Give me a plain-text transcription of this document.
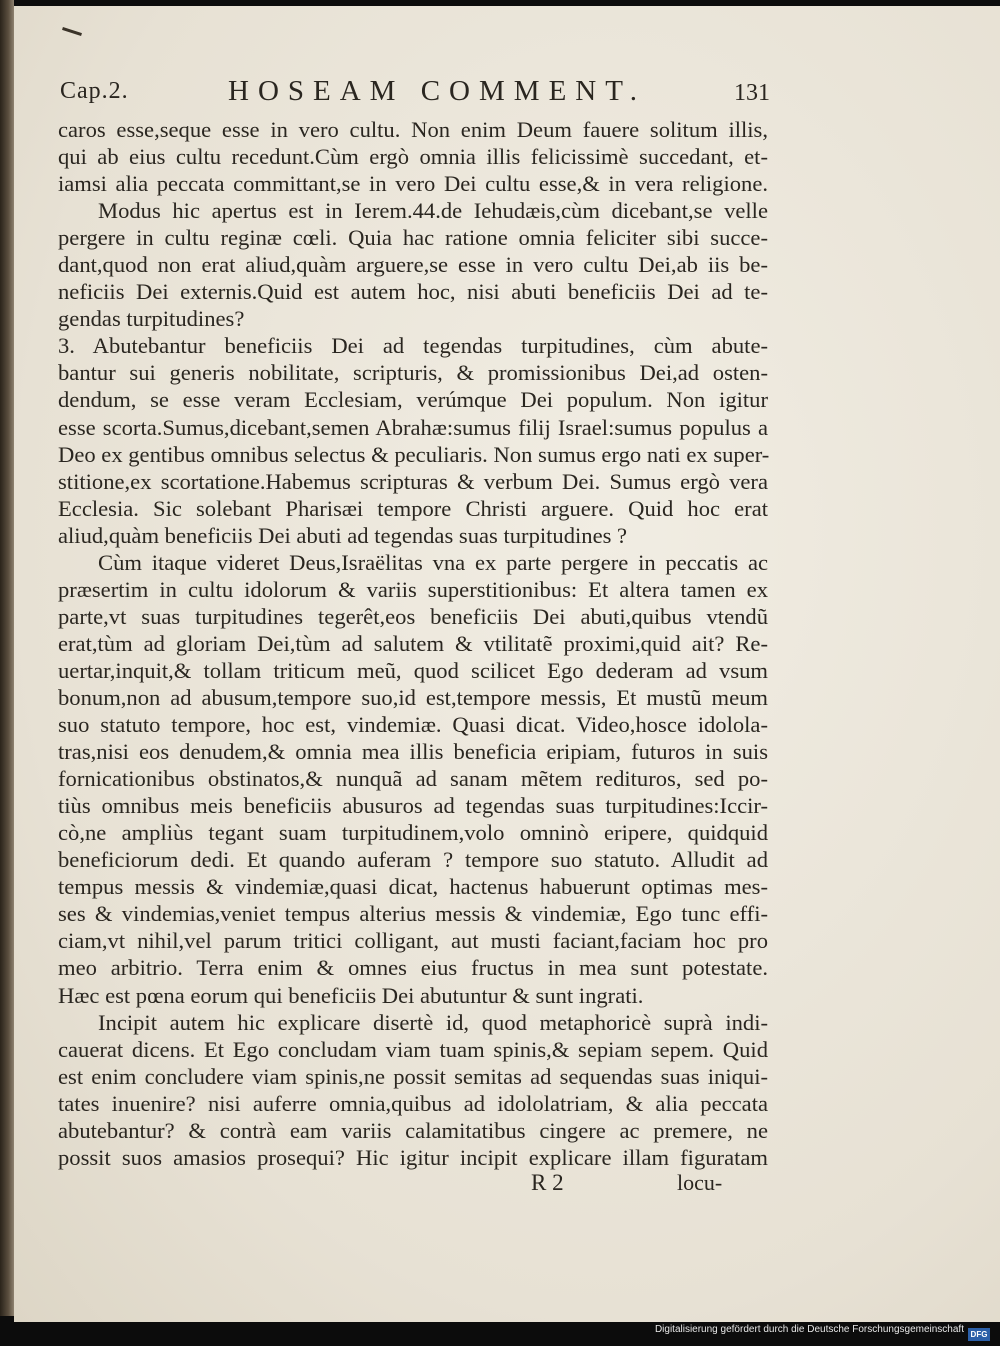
Cap.2.	HOSEAM COMMENT.	131
caros esse,seque esse in vero cultu. Non enim Deum fauere solitum illis,
qui ab eius cultu recedunt.Cùm ergò omnia illis felicissimè succedant, et-
iamsi alia peccata committant,se in vero Dei cultu esse,& in vera religione.
Modus hic apertus est in Ierem.44.de Iehudæis,cùm dicebant,se velle
pergere in cultu reginæ cœli. Quia hac ratione omnia feliciter sibi succe-
dant,quod non erat aliud,quàm arguere,se esse in vero cultu Dei,ab iis be-
neficiis Dei externis.Quid est autem hoc, nisi abuti beneficiis Dei ad te-
gendas turpitudines?
3. Abutebantur beneficiis Dei ad tegendas turpitudines, cùm abute-
bantur sui generis nobilitate, scripturis, & promissionibus Dei,ad osten-
dendum, se esse veram Ecclesiam, verúmque Dei populum. Non igitur
esse scorta.Sumus,dicebant,semen Abrahæ:sumus filij Israel:sumus populus a
Deo ex gentibus omnibus selectus & peculiaris. Non sumus ergo nati ex super-
stitione,ex scortatione.Habemus scripturas & verbum Dei. Sumus ergò vera
Ecclesia. Sic solebant Pharisæi tempore Christi arguere. Quid hoc erat
aliud,quàm beneficiis Dei abuti ad tegendas suas turpitudines ?
Cùm itaque videret Deus,Israëlitas vna ex parte pergere in peccatis ac
præsertim in cultu idolorum & variis superstitionibus: Et altera tamen ex
parte,vt suas turpitudines tegerêt,eos beneficiis Dei abuti,quibus vtendũ
erat,tùm ad gloriam Dei,tùm ad salutem & vtilitatẽ proximi,quid ait? Re-
uertar,inquit,& tollam triticum meũ, quod scilicet Ego dederam ad vsum
bonum,non ad abusum,tempore suo,id est,tempore messis, Et mustũ meum
suo statuto tempore, hoc est, vindemiæ. Quasi dicat. Video,hosce idolola-
tras,nisi eos denudem,& omnia mea illis beneficia eripiam, futuros in suis
fornicationibus obstinatos,& nunquã ad sanam mẽtem redituros, sed po-
tiùs omnibus meis beneficiis abusuros ad tegendas suas turpitudines:Iccir-
cò,ne ampliùs tegant suam turpitudinem,volo omninò eripere, quidquid
beneficiorum dedi. Et quando auferam ? tempore suo statuto. Alludit ad
tempus messis & vindemiæ,quasi dicat, hactenus habuerunt optimas mes-
ses & vindemias,veniet tempus alterius messis & vindemiæ, Ego tunc effi-
ciam,vt nihil,vel parum tritici colligant, aut musti faciant,faciam hoc pro
meo arbitrio. Terra enim & omnes eius fructus in mea sunt potestate.
Hæc est pœna eorum qui beneficiis Dei abutuntur & sunt ingrati.
Incipit autem hic explicare disertè id, quod metaphoricè suprà indi-
cauerat dicens. Et Ego concludam viam tuam spinis,& sepiam sepem. Quid
est enim concludere viam spinis,ne possit semitas ad sequendas suas iniqui-
tates inuenire? nisi auferre omnia,quibus ad idololatriam, & alia peccata
abutebantur? & contrà eam variis calamitatibus cingere ac premere, ne
possit suos amasios prosequi? Hic igitur incipit explicare illam figuratam
R 2	locu-
Digitalisierung gefördert durch die Deutsche Forschungsgemeinschaft DFG
